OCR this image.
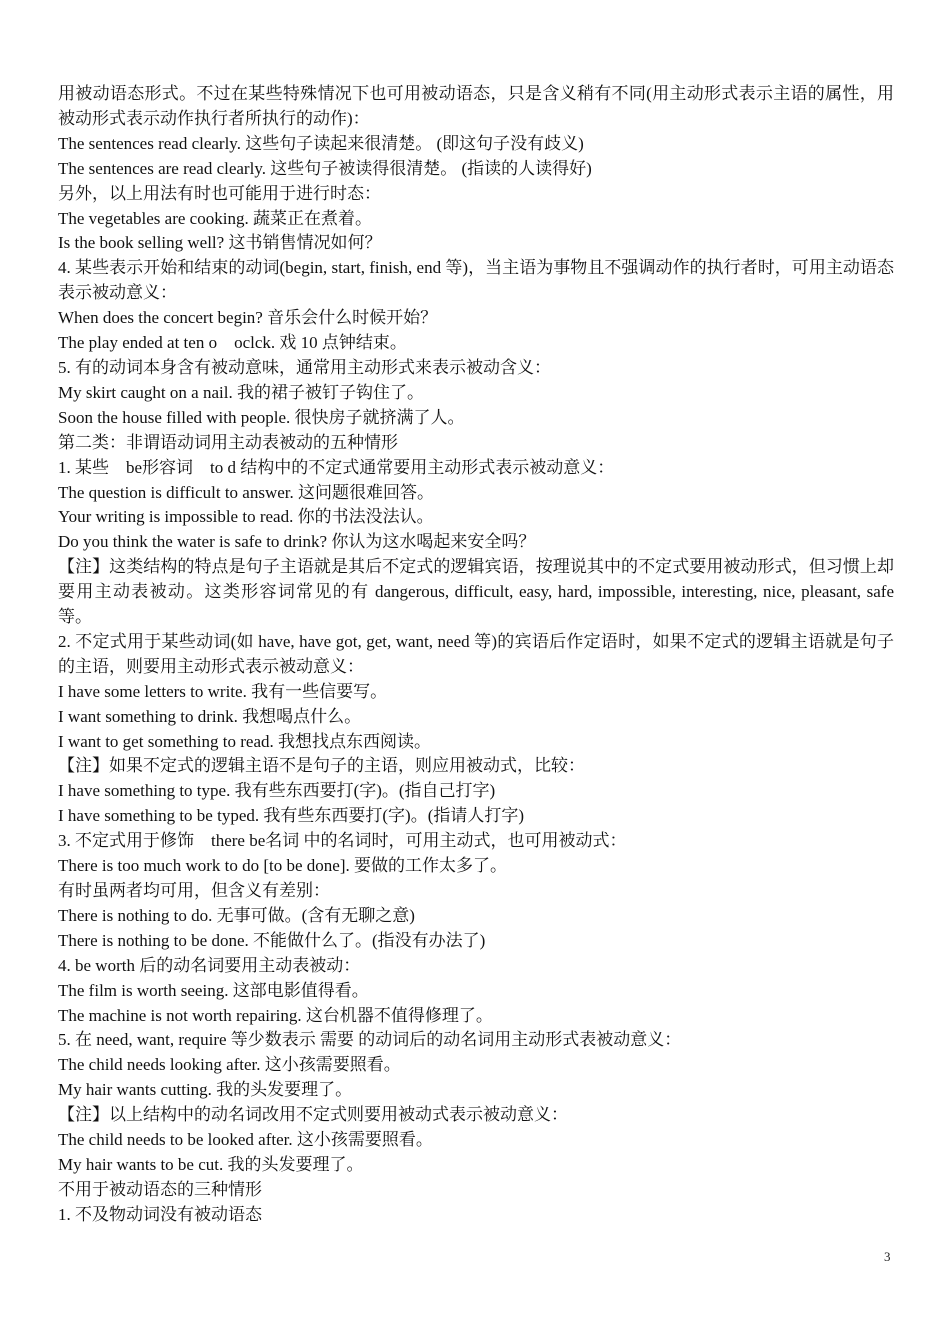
用被动语态形式。不过在某些特殊情况下也可用被动语态，只是含义稍有不同(用主动形式表示主语的属性，用被动形式表示动作执行者所执行的动作)：

The sentences read clearly. 这些句子读起来很清楚。 (即这句子没有歧义)

The sentences are read clearly. 这些句子被读得很清楚。 (指读的人读得好)

另外，以上用法有时也可能用于进行时态：

The vegetables are cooking. 蔬菜正在煮着。

Is the book selling well? 这书销售情况如何？

4. 某些表示开始和结束的动词(begin, start, finish, end 等)，当主语为事物且不强调动作的执行者时，可用主动语态表示被动意义：

When does the concert begin? 音乐会什么时候开始？

The play ended at ten o　oclck. 戏 10 点钟结束。

5. 有的动词本身含有被动意味，通常用主动形式来表示被动含义：

My skirt caught on a nail. 我的裙子被钉子钩住了。

Soon the house filled with people. 很快房子就挤满了人。

第二类：非谓语动词用主动表被动的五种情形

1. 某些　be形容词　to d 结构中的不定式通常要用主动形式表示被动意义：

The question is difficult to answer. 这问题很难回答。

Your writing is impossible to read. 你的书法没法认。

Do you think the water is safe to drink? 你认为这水喝起来安全吗？

【注】这类结构的特点是句子主语就是其后不定式的逻辑宾语，按理说其中的不定式要用被动形式，但习惯上却要用主动表被动。这类形容词常见的有 dangerous, difficult, easy, hard, impossible, interesting, nice, pleasant, safe 等。

2. 不定式用于某些动词(如 have, have got, get, want, need 等)的宾语后作定语时，如果不定式的逻辑主语就是句子的主语，则要用主动形式表示被动意义：

I have some letters to write. 我有一些信要写。

I want something to drink. 我想喝点什么。

I want to get something to read. 我想找点东西阅读。

【注】如果不定式的逻辑主语不是句子的主语，则应用被动式，比较：

I have something to type. 我有些东西要打(字)。(指自己打字)

I have something to be typed. 我有些东西要打(字)。(指请人打字)

3. 不定式用于修饰　there be名词 中的名词时，可用主动式，也可用被动式：

There is too much work to do [to be done]. 要做的工作太多了。

有时虽两者均可用，但含义有差别：

There is nothing to do. 无事可做。(含有无聊之意)

There is nothing to be done. 不能做什么了。(指没有办法了)

4. be worth 后的动名词要用主动表被动：

The film is worth seeing. 这部电影值得看。

The machine is not worth repairing. 这台机器不值得修理了。

5. 在 need, want, require 等少数表示 需要 的动词后的动名词用主动形式表被动意义：

The child needs looking after. 这小孩需要照看。

My hair wants cutting. 我的头发要理了。

【注】以上结构中的动名词改用不定式则要用被动式表示被动意义：

The child needs to be looked after. 这小孩需要照看。

My hair wants to be cut. 我的头发要理了。

不用于被动语态的三种情形

1. 不及物动词没有被动语态

3
